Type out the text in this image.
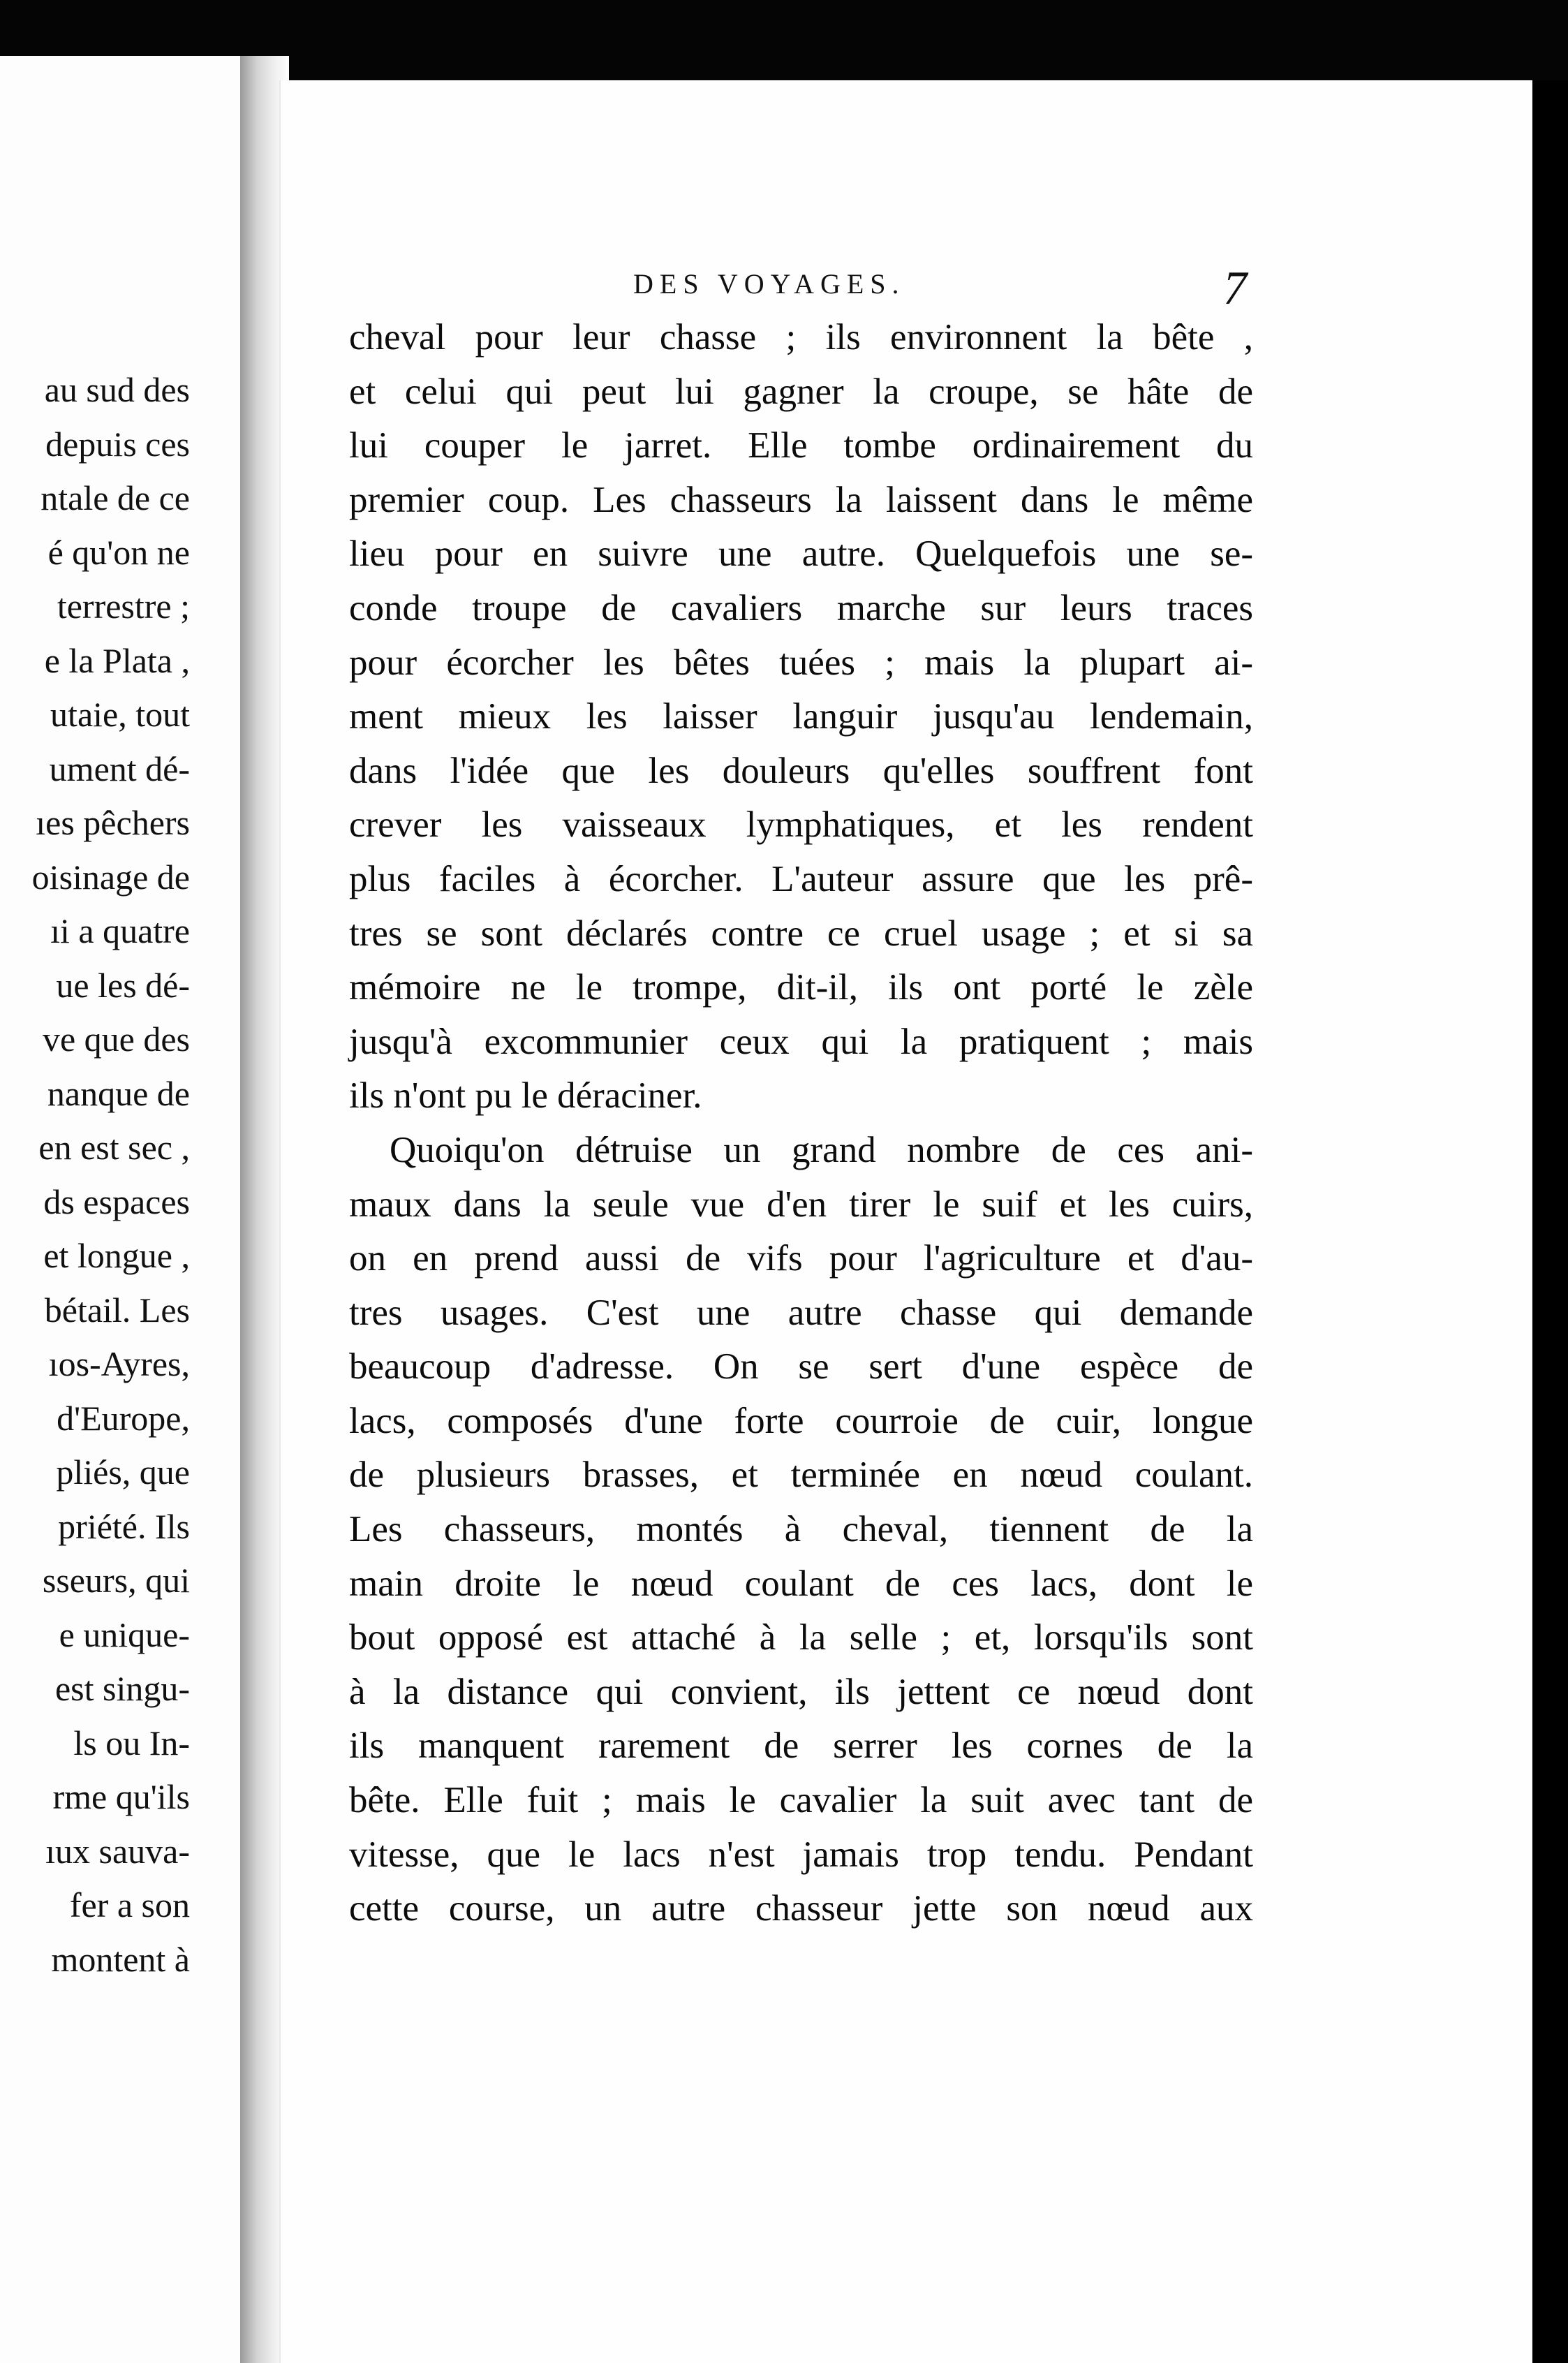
au sud des
depuis ces
ntale de ce
é qu'on ne
terrestre ;
e la Plata ,
utaie, tout
ument dé-
ıes pêchers
oisinage de
ıi a quatre
ue les dé-
ve que des
nanque de
en est sec ,
ds espaces
et longue ,
bétail. Les
ıos-Ayres,
d'Europe,
pliés, que
priété. Ils
sseurs, qui
e unique-
est singu-
ls ou In-
rme qu'ils
ıux sauva-
fer a son
montent à
DES VOYAGES.	7
cheval pour leur chasse ; ils environnent la bête ,
et celui qui peut lui gagner la croupe, se hâte de
lui couper le jarret. Elle tombe ordinairement du
premier coup. Les chasseurs la laissent dans le même
lieu pour en suivre une autre. Quelquefois une se-
conde troupe de cavaliers marche sur leurs traces
pour écorcher les bêtes tuées ; mais la plupart ai-
ment mieux les laisser languir jusqu'au lendemain,
dans l'idée que les douleurs qu'elles souffrent font
crever les vaisseaux lymphatiques, et les rendent
plus faciles à écorcher. L'auteur assure que les prê-
tres se sont déclarés contre ce cruel usage ; et si sa
mémoire ne le trompe, dit-il, ils ont porté le zèle
jusqu'à excommunier ceux qui la pratiquent ; mais
ils n'ont pu le déraciner.
Quoiqu'on détruise un grand nombre de ces ani-
maux dans la seule vue d'en tirer le suif et les cuirs,
on en prend aussi de vifs pour l'agriculture et d'au-
tres usages. C'est une autre chasse qui demande
beaucoup d'adresse. On se sert d'une espèce de
lacs, composés d'une forte courroie de cuir, longue
de plusieurs brasses, et terminée en nœud coulant.
Les chasseurs, montés à cheval, tiennent de la
main droite le nœud coulant de ces lacs, dont le
bout opposé est attaché à la selle ; et, lorsqu'ils sont
à la distance qui convient, ils jettent ce nœud dont
ils manquent rarement de serrer les cornes de la
bête. Elle fuit ; mais le cavalier la suit avec tant de
vitesse, que le lacs n'est jamais trop tendu. Pendant
cette course, un autre chasseur jette son nœud aux
